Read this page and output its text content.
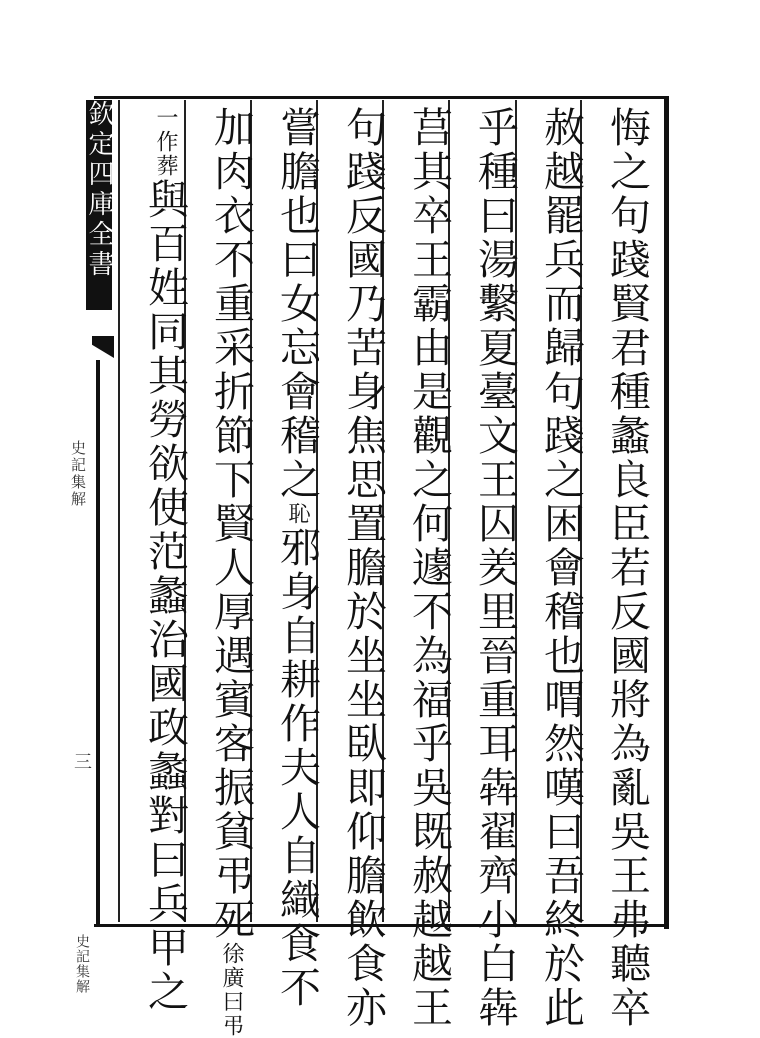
欽定四庫全書
史記集解
三
史記集解	悔之句踐賢君種蠡良臣若反國將為亂吳王弗聽卒
赦越罷兵而歸句踐之困會稽也喟然嘆曰吾終於此
乎種曰湯繫夏臺文王囚羑里晉重耳犇翟齊小白犇
莒其卒王霸由是觀之何遽不為福乎吳既赦越越王
句踐反國乃苦身焦思置膽於坐坐臥即仰膽飲食亦
嘗膽也曰女忘會稽之恥邪身自耕作夫人自織食不
加肉衣不重采折節下賢人厚遇賓客振貧弔死徐廣曰弔
一作葬與百姓同其勞欲使范蠡治國政蠡對曰兵甲之
